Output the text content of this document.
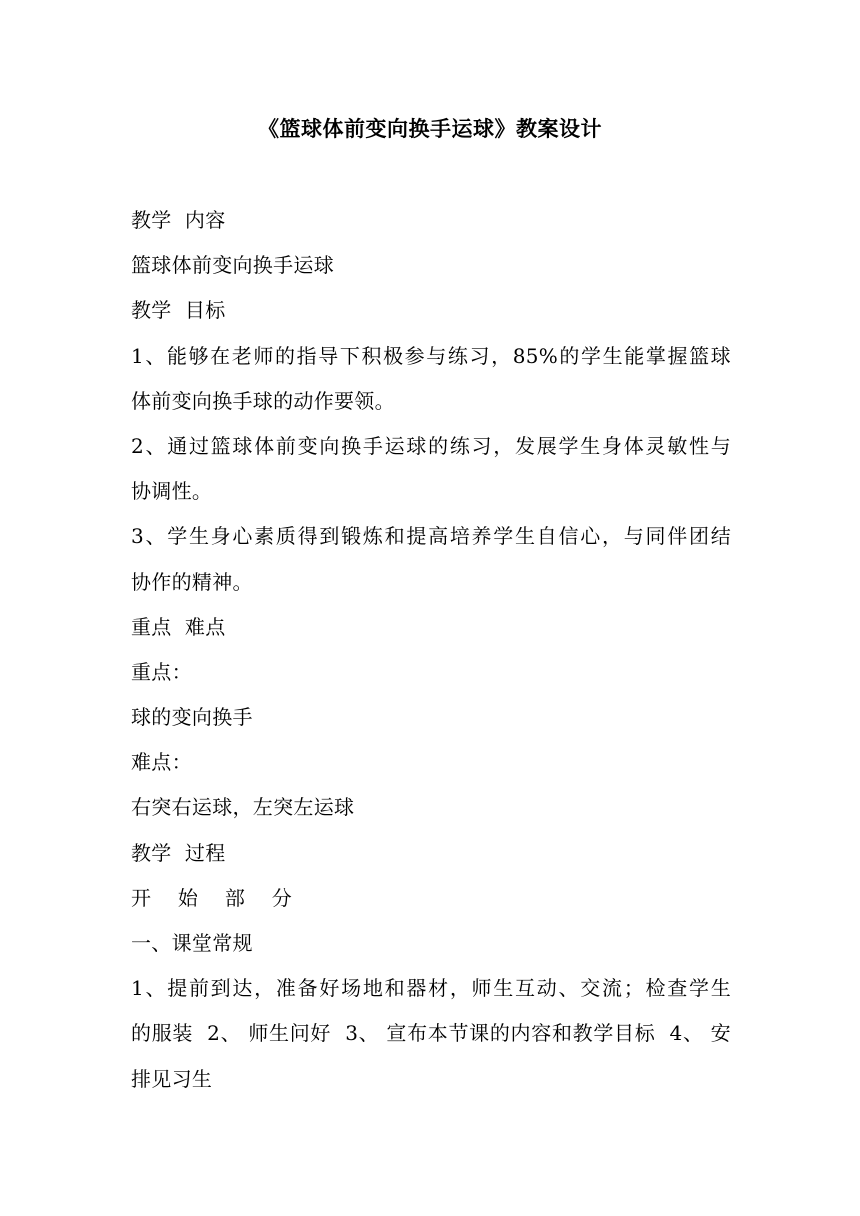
《篮球体前变向换手运球》教案设计
教学  内容
篮球体前变向换手运球
教学  目标
1、能够在老师的指导下积极参与练习，85%的学生能掌握篮球
体前变向换手球的动作要领。
2、通过篮球体前变向换手运球的练习，发展学生身体灵敏性与
协调性。
3、学生身心素质得到锻炼和提高培养学生自信心，与同伴团结
协作的精神。
重点  难点
重点：
球的变向换手
难点：
右突右运球，左突左运球
教学  过程
开    始    部    分
一、课堂常规
1、提前到达，准备好场地和器材，师生互动、交流；检查学生
的服装  2、 师生问好  3、 宣布本节课的内容和教学目标  4、 安
排见习生
